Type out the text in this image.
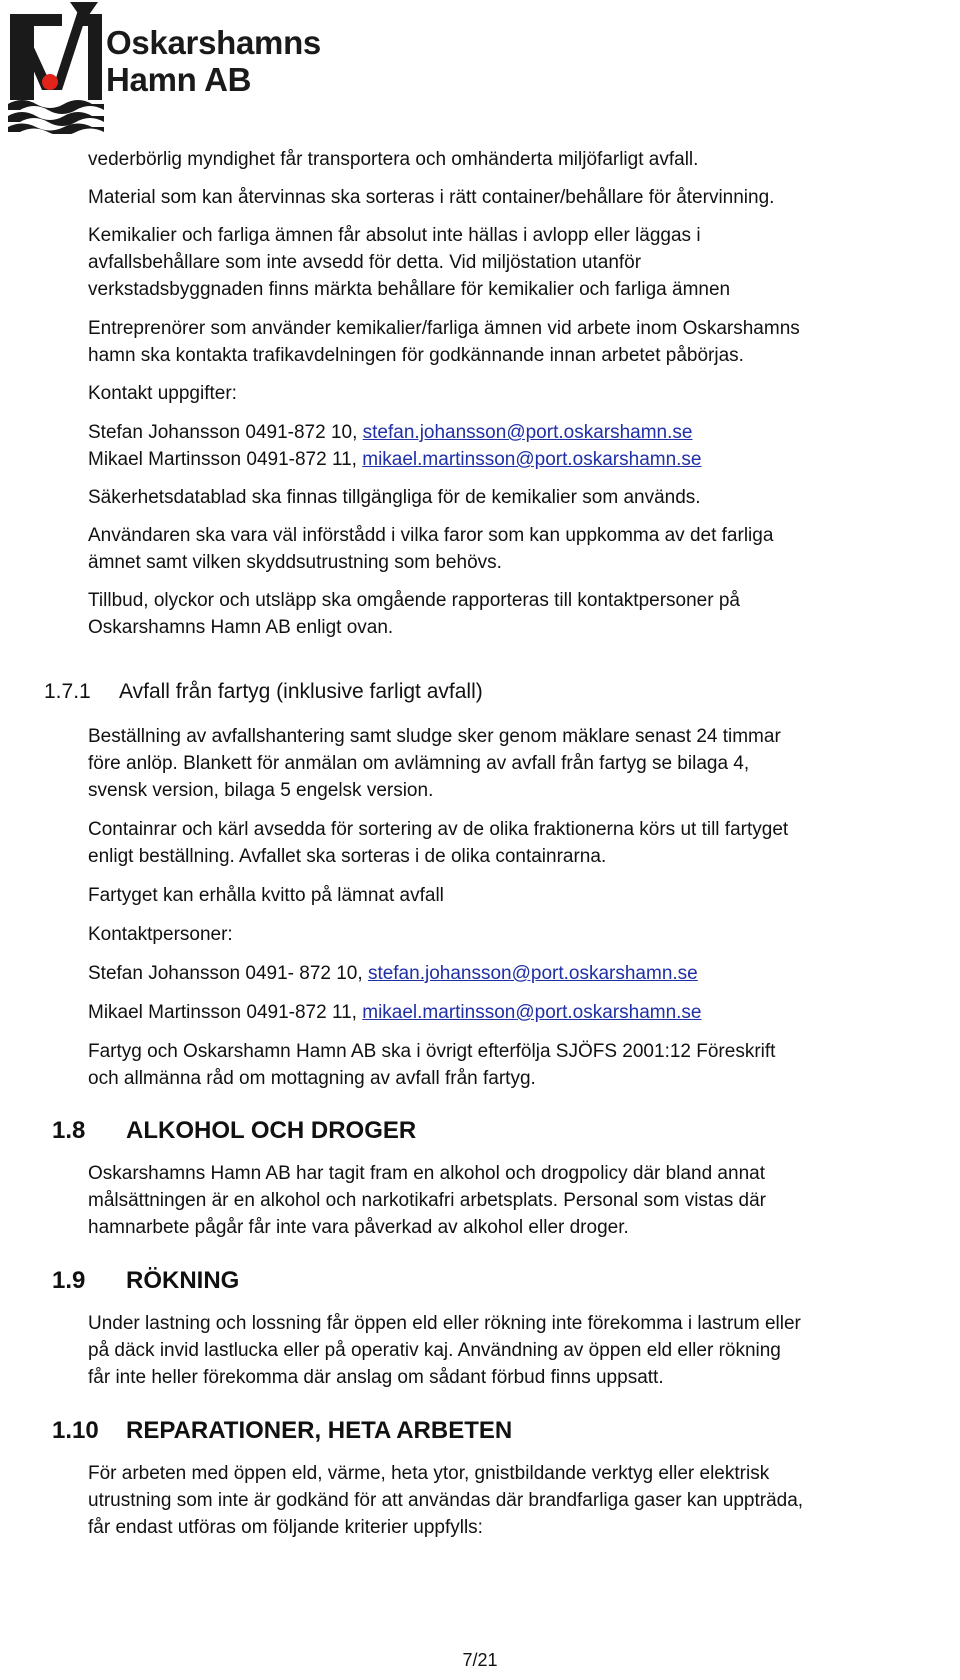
Oskarshamns
Hamn AB

vederbörlig myndighet får transportera och omhänderta miljöfarligt avfall.

Material som kan återvinnas ska sorteras i rätt container/behållare för återvinning.

Kemikalier och farliga ämnen får absolut inte hällas i avlopp eller läggas i

avfallsbehållare som inte avsedd för detta. Vid miljöstation utanför

verkstadsbyggnaden finns märkta behållare för kemikalier och farliga ämnen

Entreprenörer som använder kemikalier/farliga ämnen vid arbete inom Oskarshamns

hamn ska kontakta trafikavdelningen för godkännande innan arbetet påbörjas.

Kontakt uppgifter:

Stefan Johansson 0491-872 10, stefan.johansson@port.oskarshamn.se

Mikael Martinsson 0491-872 11, mikael.martinsson@port.oskarshamn.se

Säkerhetsdatablad ska finnas tillgängliga för de kemikalier som används.

Användaren ska vara väl införstådd i vilka faror som kan uppkomma av det farliga

ämnet samt vilken skyddsutrustning som behövs.

Tillbud, olyckor och utsläpp ska omgående rapporteras till kontaktpersoner på

Oskarshamns Hamn AB enligt ovan.

1.7.1 Avfall från fartyg (inklusive farligt avfall)

Beställning av avfallshantering samt sludge sker genom mäklare senast 24 timmar

före anlöp. Blankett för anmälan om avlämning av avfall från fartyg se bilaga 4,

svensk version, bilaga 5 engelsk version.

Containrar och kärl avsedda för sortering av de olika fraktionerna körs ut till fartyget

enligt beställning. Avfallet ska sorteras i de olika containrarna.

Fartyget kan erhålla kvitto på lämnat avfall

Kontaktpersoner:

Stefan Johansson 0491- 872 10, stefan.johansson@port.oskarshamn.se

Mikael Martinsson 0491-872 11, mikael.martinsson@port.oskarshamn.se

Fartyg och Oskarshamn Hamn AB ska i övrigt efterfölja SJÖFS 2001:12 Föreskrift

och allmänna råd om mottagning av avfall från fartyg.

1.8 ALKOHOL OCH DROGER

Oskarshamns Hamn AB har tagit fram en alkohol och drogpolicy där bland annat

målsättningen är en alkohol och narkotikafri arbetsplats. Personal som vistas där

hamnarbete pågår får inte vara påverkad av alkohol eller droger.

1.9 RÖKNING

Under lastning och lossning får öppen eld eller rökning inte förekomma i lastrum eller

på däck invid lastlucka eller på operativ kaj. Användning av öppen eld eller rökning

får inte heller förekomma där anslag om sådant förbud finns uppsatt.

1.10 REPARATIONER, HETA ARBETEN

För arbeten med öppen eld, värme, heta ytor, gnistbildande verktyg eller elektrisk

utrustning som inte är godkänd för att användas där brandfarliga gaser kan uppträda,

får endast utföras om följande kriterier uppfylls:

7/21
